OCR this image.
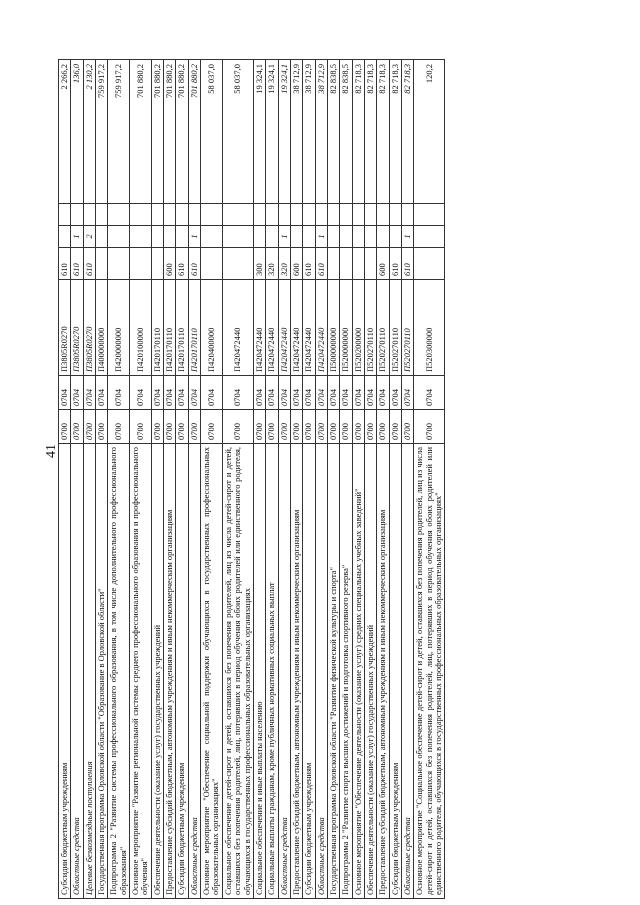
41
Субсидии бюджетным учреждениям	0700	0704	П3805R0270	610			2 266,2
Областные средства	0700	0704	П3805R0270	610	1		136,0
Целевые безвозмездные поступления	0700	0704	П3805R0270	610	2		2 130,2
Государственная программа Орловской области "Образование в Орловской области"	0700	0704	П400000000				759 917,2
Подпрограмма 2 "Развитие системы профессионального образования, в том числе дополнительного профессионального образования"	0700	0704	П420000000				759 917,2
Основное мероприятие "Развитие региональной системы среднего профессионального образования и профессионального обучения"	0700	0704	П420100000				701 880,2
Обеспечение деятельности (оказание услуг) государственных учреждений	0700	0704	П420170110				701 880,2
Предоставление субсидий бюджетным, автономным учреждениям и иным некоммерческим организациям	0700	0704	П420170110	600			701 880,2
Субсидии бюджетным учреждениям	0700	0704	П420170110	610			701 880,2
Областные средства	0700	0704	П420170110	610	1		701 880,2
Основное мероприятие "Обеспечение социальной поддержки обучающихся в государственных профессиональных образовательных организациях"	0700	0704	П420400000				58 037,0
Социальное обеспечение детей-сирот и детей, оставшихся без попечения родителей, лиц из числа детей-сирот и детей, оставшихся без попечения родителей, лиц, потерявших в период обучения обоих родителей или единственного родителя, обучающихся в государственных профессиональных образовательных организациях	0700	0704	П420472440				58 037,0
Социальное обеспечение и иные выплаты населению	0700	0704	П420472440	300			19 324,1
Социальные выплаты гражданам, кроме публичных нормативных социальных выплат	0700	0704	П420472440	320			19 324,1
Областные средства	0700	0704	П420472440	320	1		19 324,1
Предоставление субсидий бюджетным, автономным учреждениям и иным некоммерческим организациям	0700	0704	П420472440	600			38 712,9
Субсидии бюджетным учреждениям	0700	0704	П420472440	610			38 712,9
Областные средства	0700	0704	П420472440	610	1		38 712,9
Государственная программа Орловской области "Развитие физической культуры и спорта"	0700	0704	П500000000				82 838,5
Подпрограмма 2 "Развитие спорта высших достижений и подготовка спортивного резерва"	0700	0704	П520000000				82 838,5
Основное мероприятие "Обеспечение деятельности (оказание услуг) средних специальных учебных заведений"	0700	0704	П520200000				82 718,3
Обеспечение деятельности (оказание услуг) государственных учреждений	0700	0704	П520270110				82 718,3
Предоставление субсидий бюджетным, автономным учреждениям и иным некоммерческим организациям	0700	0704	П520270110	600			82 718,3
Субсидии бюджетным учреждениям	0700	0704	П520270110	610			82 718,3
Областные средства	0700	0704	П520270110	610	1		82 718,3
Основное мероприятие "Социальное обеспечение детей-сирот и детей, оставшихся без попечения родителей, лиц из числа детей-сирот и детей, оставшихся без попечения родителей, лиц, потерявших в период обучения обоих родителей или единственного родителя, обучающихся в государственных профессиональных образовательных организациях"	0700	0704	П520300000				120,2
